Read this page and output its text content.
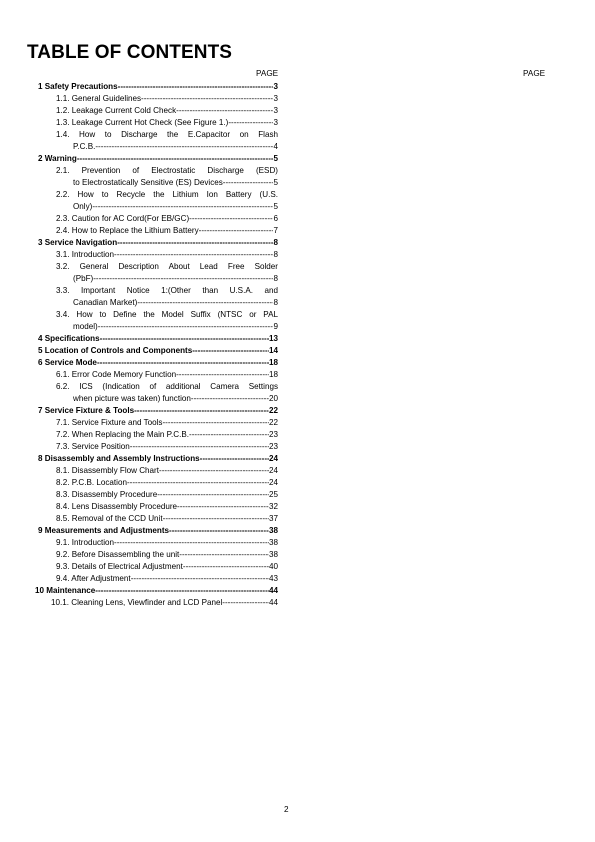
TABLE OF CONTENTS
PAGE	PAGE
1 Safety Precautions -----	3
1.1. General Guidelines -----	3
1.2. Leakage Current Cold Check -----	3
1.3. Leakage Current Hot Check (See Figure 1.) -----	3
1.4. How to Discharge the E.Capacitor on Flash
P.C.B. -----	4
2 Warning -----	5
2.1. Prevention of Electrostatic Discharge (ESD)
to Electrostatically Sensitive (ES) Devices -----	5
2.2. How to Recycle the Lithium Ion Battery (U.S.
Only) -----	5
2.3. Caution for AC Cord(For EB/GC) -----	6
2.4. How to Replace the Lithium Battery -----	7
3 Service Navigation -----	8
3.1. Introduction -----	8
3.2. General Description About Lead Free Solder
(PbF) -----	8
3.3. Important Notice 1:(Other than U.S.A. and
Canadian Market) -----	8
3.4. How to Define the Model Suffix (NTSC or PAL
model) -----	9
4 Specifications -----	13
5 Location of Controls and Components -----	14
6 Service Mode -----	18
6.1. Error Code Memory Function -----	18
6.2. ICS (Indication of additional Camera Settings
when picture was taken) function -----	20
7 Service Fixture & Tools -----	22
7.1. Service Fixture and Tools -----	22
7.2. When Replacing the Main P.C.B. -----	23
7.3. Service Position -----	23
8 Disassembly and Assembly Instructions -----	24
8.1. Disassembly Flow Chart -----	24
8.2. P.C.B. Location -----	24
8.3. Disassembly Procedure -----	25
8.4. Lens Disassembly Procedure -----	32
8.5. Removal of the CCD Unit -----	37
9 Measurements and Adjustments -----	38
9.1. Introduction -----	38
9.2. Before Disassembling the unit -----	38
9.3. Details of Electrical Adjustment -----	40
9.4. After Adjustment -----	43
10 Maintenance -----	44
10.1. Cleaning Lens, Viewfinder and LCD Panel -----	44
2
